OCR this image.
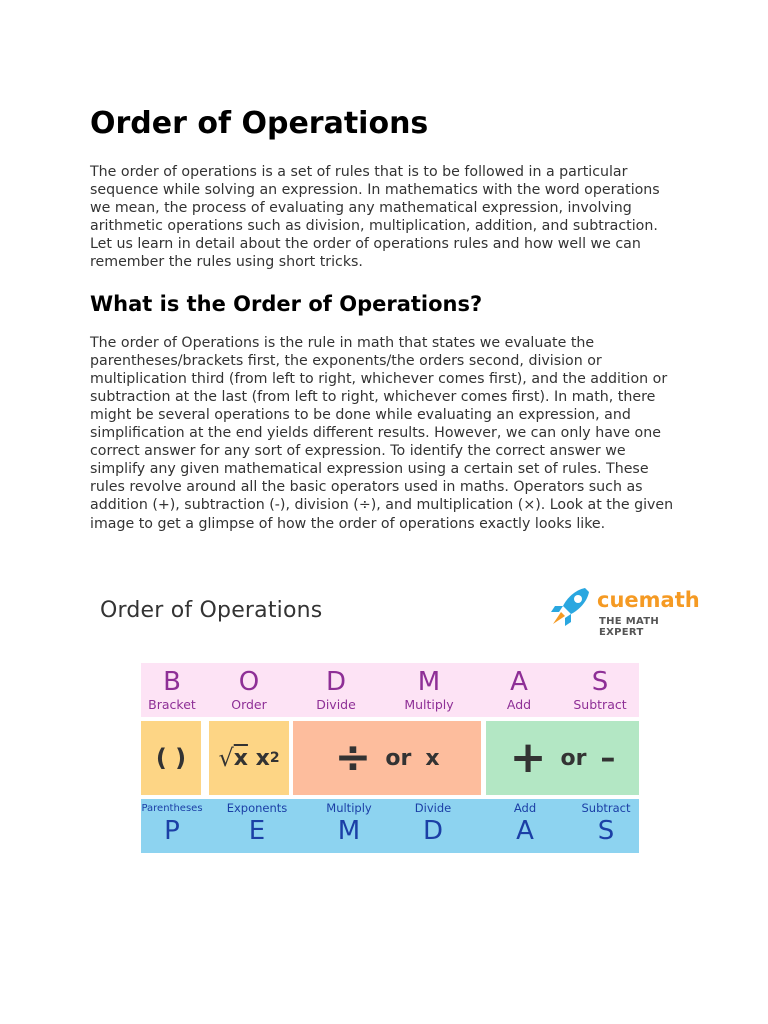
Order of Operations

The order of operations is a set of rules that is to be followed in a particular sequence while solving an expression. In mathematics with the word operations we mean, the process of evaluating any mathematical expression, involving arithmetic operations such as division, multiplication, addition, and subtraction. Let us learn in detail about the order of operations rules and how well we can remember the rules using short tricks.

What is the Order of Operations?

The order of Operations is the rule in math that states we evaluate the parentheses/brackets first, the exponents/the orders second, division or multiplication third (from left to right, whichever comes first), and the addition or subtraction at the last (from left to right, whichever comes first). In math, there might be several operations to be done while evaluating an expression, and simplification at the end yields different results. However, we can only have one correct answer for any sort of expression. To identify the correct answer we simplify any given mathematical expression using a certain set of rules. These rules revolve around all the basic operators used in maths. Operators such as addition (+), subtraction (-), division (÷), and multiplication (×). Look at the given image to get a glimpse of how the order of operations exactly looks like.

Order of Operations	cuemath
THE MATH EXPERT
B
Bracket
O
Order
D
Divide
M
Multiply
A
Add
S
Subtract
( ) √ x
x 2 ÷ or x + or –
Parentheses
P
Exponents
E
Multiply
M
Divide
D
Add
A
Subtract
S
